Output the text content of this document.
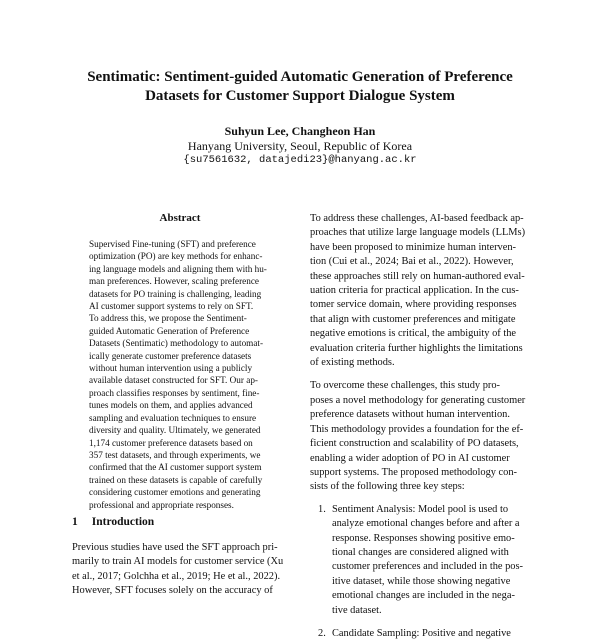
Sentimatic: Sentiment-guided Automatic Generation of Preference
Datasets for Customer Support Dialogue System
Suhyun Lee, Changheon Han
Hanyang University, Seoul, Republic of Korea
{su7561632, datajedi23}@hanyang.ac.kr
Abstract
Supervised Fine-tuning (SFT) and preference
optimization (PO) are key methods for enhanc-
ing language models and aligning them with hu-
man preferences. However, scaling preference
datasets for PO training is challenging, leading
AI customer support systems to rely on SFT.
To address this, we propose the Sentiment-
guided Automatic Generation of Preference
Datasets (Sentimatic) methodology to automat-
ically generate customer preference datasets
without human intervention using a publicly
available dataset constructed for SFT. Our ap-
proach classifies responses by sentiment, fine-
tunes models on them, and applies advanced
sampling and evaluation techniques to ensure
diversity and quality. Ultimately, we generated
1,174 customer preference datasets based on
357 test datasets, and through experiments, we
confirmed that the AI customer support system
trained on these datasets is capable of carefully
considering customer emotions and generating
professional and appropriate responses.
1 Introduction
Previous studies have used the SFT approach pri-
marily to train AI models for customer service (Xu
et al., 2017; Golchha et al., 2019; He et al., 2022).
However, SFT focuses solely on the accuracy of
To address these challenges, AI-based feedback ap-
proaches that utilize large language models (LLMs)
have been proposed to minimize human interven-
tion (Cui et al., 2024; Bai et al., 2022). However,
these approaches still rely on human-authored eval-
uation criteria for practical application. In the cus-
tomer service domain, where providing responses
that align with customer preferences and mitigate
negative emotions is critical, the ambiguity of the
evaluation criteria further highlights the limitations
of existing methods.
To overcome these challenges, this study pro-
poses a novel methodology for generating customer
preference datasets without human intervention.
This methodology provides a foundation for the ef-
ficient construction and scalability of PO datasets,
enabling a wider adoption of PO in AI customer
support systems. The proposed methodology con-
sists of the following three key steps:
1. Sentiment Analysis: Model pool is used to
analyze emotional changes before and after a
response. Responses showing positive emo-
tional changes are considered aligned with
customer preferences and included in the pos-
itive dataset, while those showing negative
emotional changes are included in the nega-
tive dataset.
2. Candidate Sampling: Positive and negative
